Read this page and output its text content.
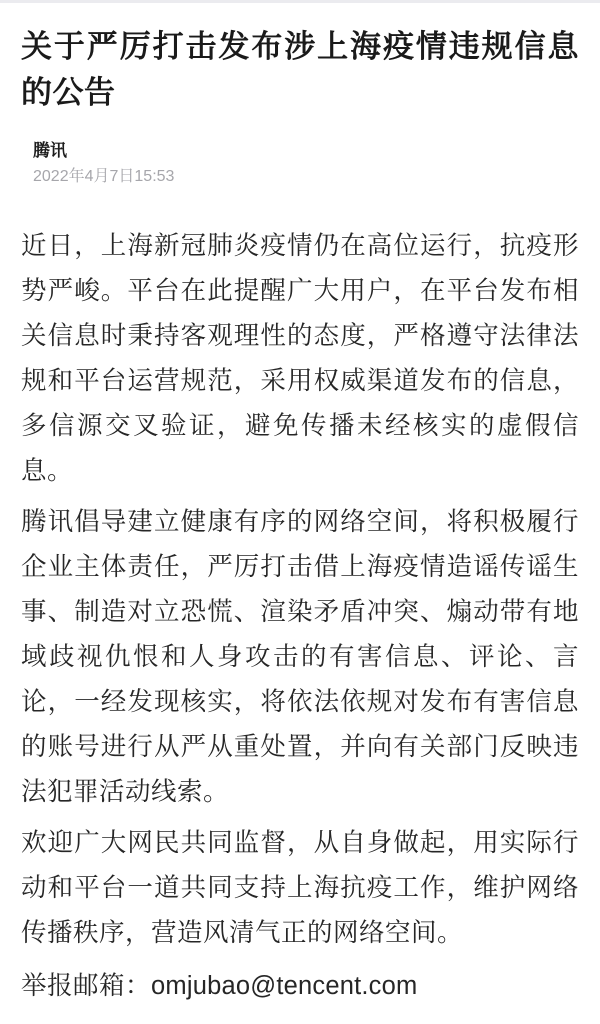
关于严厉打击发布涉上海疫情违规信息的公告
腾讯
2022年4月7日15:53

近日，上海新冠肺炎疫情仍在高位运行，抗疫形势严峻。平台在此提醒广大用户，在平台发布相关信息时秉持客观理性的态度，严格遵守法律法规和平台运营规范，采用权威渠道发布的信息，多信源交叉验证，避免传播未经核实的虚假信息。

腾讯倡导建立健康有序的网络空间，将积极履行企业主体责任，严厉打击借上海疫情造谣传谣生事、制造对立恐慌、渲染矛盾冲突、煽动带有地域歧视仇恨和人身攻击的有害信息、评论、言论，一经发现核实，将依法依规对发布有害信息的账号进行从严从重处置，并向有关部门反映违法犯罪活动线索。

欢迎广大网民共同监督，从自身做起，用实际行动和平台一道共同支持上海抗疫工作，维护网络传播秩序，营造风清气正的网络空间。

举报邮箱：omjubao@tencent.com
